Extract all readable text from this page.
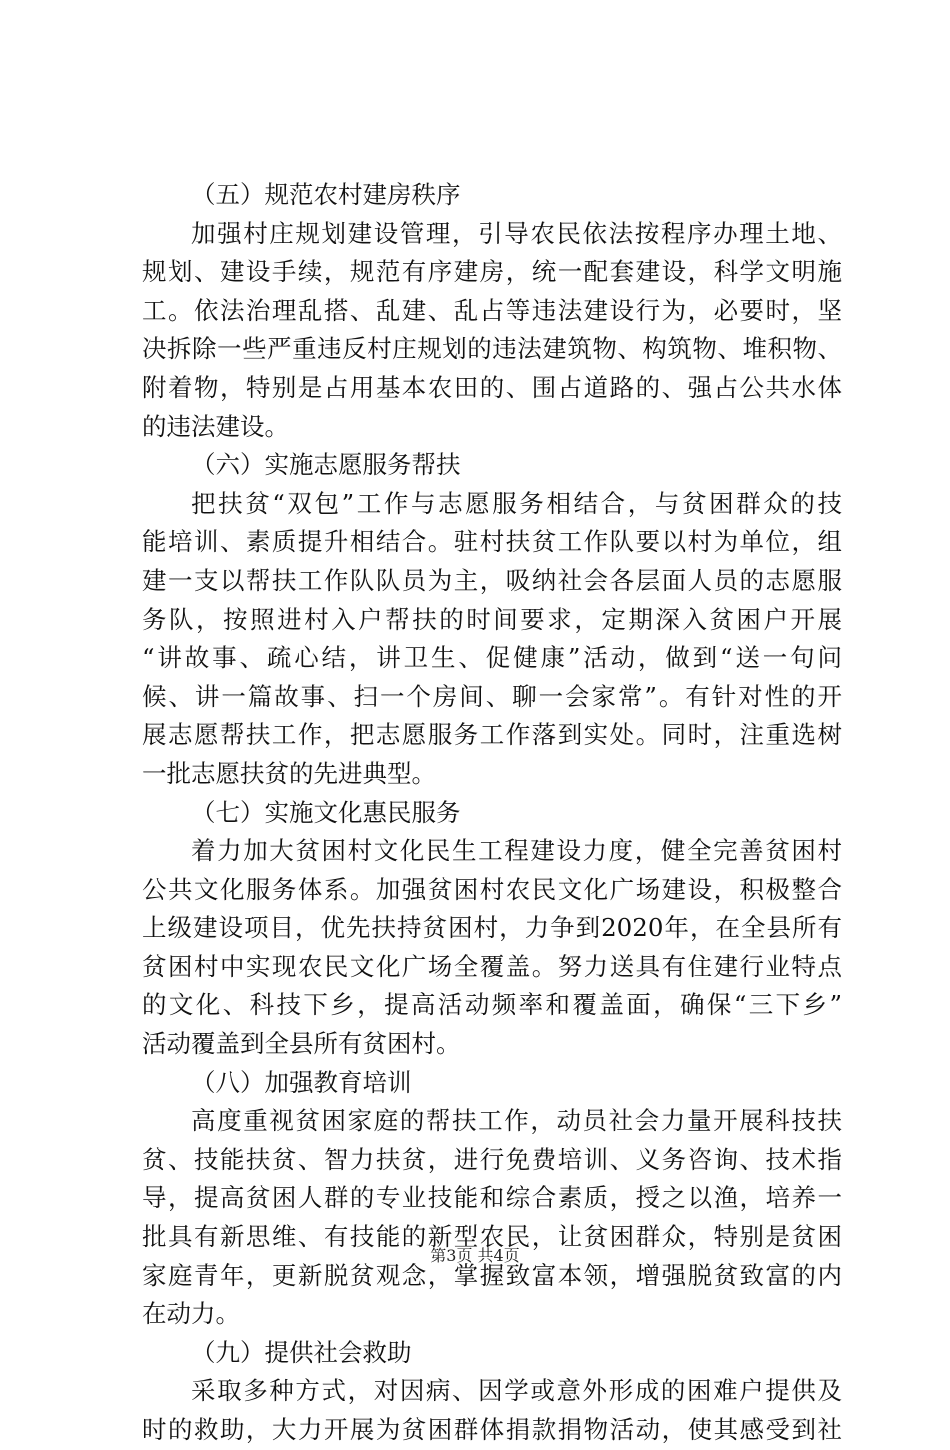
（五）规范农村建房秩序
加强村庄规划建设管理，引导农民依法按程序办理土地、
规划、建设手续，规范有序建房，统一配套建设，科学文明施
工。依法治理乱搭、乱建、乱占等违法建设行为，必要时，坚
决拆除一些严重违反村庄规划的违法建筑物、构筑物、堆积物、
附着物，特别是占用基本农田的、围占道路的、强占公共水体
的违法建设。
（六）实施志愿服务帮扶
把扶贫“双包”工作与志愿服务相结合，与贫困群众的技
能培训、素质提升相结合。驻村扶贫工作队要以村为单位，组
建一支以帮扶工作队队员为主，吸纳社会各层面人员的志愿服
务队，按照进村入户帮扶的时间要求，定期深入贫困户开展
“讲故事、疏心结，讲卫生、促健康”活动，做到“送一句问
候、讲一篇故事、扫一个房间、聊一会家常”。有针对性的开
展志愿帮扶工作，把志愿服务工作落到实处。同时，注重选树
一批志愿扶贫的先进典型。
（七）实施文化惠民服务
着力加大贫困村文化民生工程建设力度，健全完善贫困村
公共文化服务体系。加强贫困村农民文化广场建设，积极整合
上级建设项目，优先扶持贫困村，力争到2020年，在全县所有
贫困村中实现农民文化广场全覆盖。努力送具有住建行业特点
的文化、科技下乡，提高活动频率和覆盖面，确保“三下乡”
活动覆盖到全县所有贫困村。
（八）加强教育培训
高度重视贫困家庭的帮扶工作，动员社会力量开展科技扶
贫、技能扶贫、智力扶贫，进行免费培训、义务咨询、技术指
导，提高贫困人群的专业技能和综合素质，授之以渔，培养一
批具有新思维、有技能的新型农民，让贫困群众，特别是贫困
家庭青年，更新脱贫观念，掌握致富本领，增强脱贫致富的内
在动力。
（九）提供社会救助
采取多种方式，对因病、因学或意外形成的困难户提供及
时的救助，大力开展为贫困群体捐款捐物活动，使其感受到社
第3页 共4页
